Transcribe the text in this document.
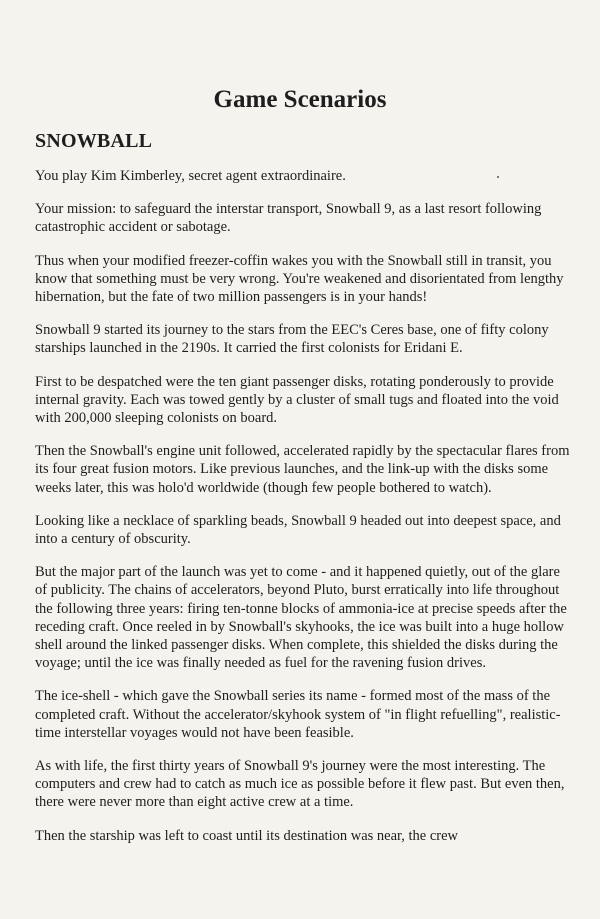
Game Scenarios
SNOWBALL

You play Kim Kimberley, secret agent extraordinaire.

Your mission: to safeguard the interstar transport, Snowball 9, as a last resort following catastrophic accident or sabotage.

Thus when your modified freezer-coffin wakes you with the Snowball still in transit, you know that something must be very wrong. You're weakened and disorientated from lengthy hibernation, but the fate of two million passengers is in your hands!

Snowball 9 started its journey to the stars from the EEC's Ceres base, one of fifty colony starships launched in the 2190s. It carried the first colonists for Eridani E.

First to be despatched were the ten giant passenger disks, rotating ponderously to provide internal gravity. Each was towed gently by a cluster of small tugs and floated into the void with 200,000 sleeping colonists on board.

Then the Snowball's engine unit followed, accelerated rapidly by the spectacular flares from its four great fusion motors. Like previous launches, and the link-up with the disks some weeks later, this was holo'd worldwide (though few people bothered to watch).

Looking like a necklace of sparkling beads, Snowball 9 headed out into deepest space, and into a century of obscurity.

But the major part of the launch was yet to come - and it happened quietly, out of the glare of publicity. The chains of accelerators, beyond Pluto, burst erratically into life throughout the following three years: firing ten-tonne blocks of ammonia-ice at precise speeds after the receding craft. Once reeled in by Snowball's skyhooks, the ice was built into a huge hollow shell around the linked passenger disks. When complete, this shielded the disks during the voyage; until the ice was finally needed as fuel for the ravening fusion drives.

The ice-shell - which gave the Snowball series its name - formed most of the mass of the completed craft. Without the accelerator/skyhook system of "in flight refuelling", realistic-time interstellar voyages would not have been feasible.

As with life, the first thirty years of Snowball 9's journey were the most interesting. The computers and crew had to catch as much ice as possible before it flew past. But even then, there were never more than eight active crew at a time.

Then the starship was left to coast until its destination was near, the crew
